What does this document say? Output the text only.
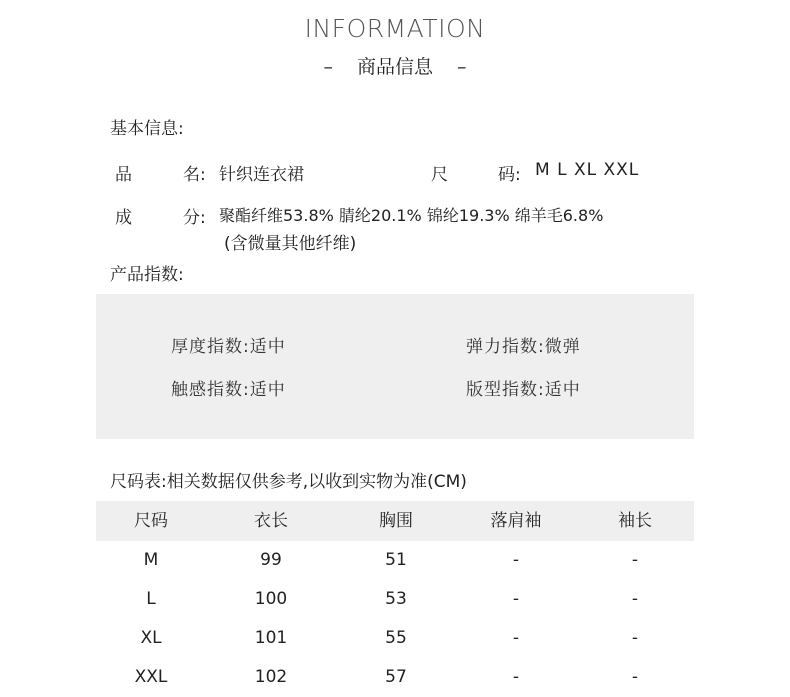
INFORMATION
– 商品信息 –
基本信息:
品	名: 针织连衣裙	尺	码: M L XL XXL
成	分: 聚酯纤维53.8% 腈纶20.1% 锦纶19.3% 绵羊毛6.8%
(含微量其他纤维)
产品指数:
厚度指数:适中	弹力指数:微弹
触感指数:适中	版型指数:适中
尺码表:相关数据仅供参考,以收到实物为准(CM)
尺码	衣长	胸围	落肩袖	袖长
M	99	51	-	-
L	100	53	-	-
XL	101	55	-	-
XXL	102	57	-	-
